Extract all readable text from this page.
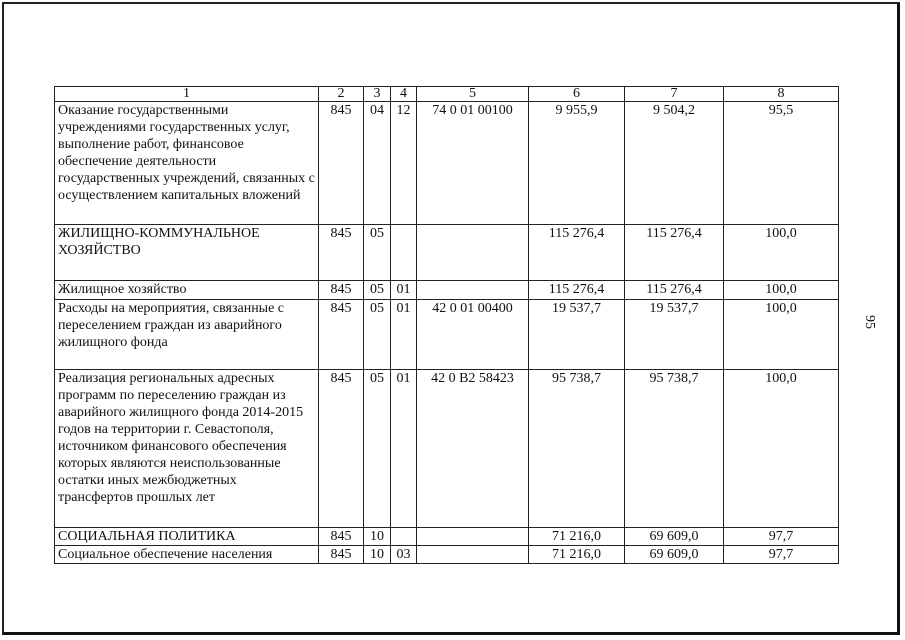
1	2	3	4	5	6	7	8
Оказание государственными учреждениями государственных услуг, выполнение работ, финансовое обеспечение деятельности государственных учреждений, связанных с осуществлением капитальных вложений	845	04	12	74 0 01 00100	9 955,9	9 504,2	95,5
ЖИЛИЩНО-КОММУНАЛЬНОЕ ХОЗЯЙСТВО	845	05			115 276,4	115 276,4	100,0
Жилищное хозяйство	845	05	01		115 276,4	115 276,4	100,0
Расходы на мероприятия, связанные с переселением граждан из аварийного жилищного фонда	845	05	01	42 0 01 00400	19 537,7	19 537,7	100,0
Реализация региональных адресных программ по переселению граждан из аварийного жилищного фонда 2014-2015 годов на территории г. Севастополя, источником финансового обеспечения которых являются неиспользованные остатки иных межбюджетных трансфертов прошлых лет	845	05	01	42 0 В2 58423	95 738,7	95 738,7	100,0
СОЦИАЛЬНАЯ ПОЛИТИКА	845	10			71 216,0	69 609,0	97,7
Социальное обеспечение населения	845	10	03		71 216,0	69 609,0	97,7
95
